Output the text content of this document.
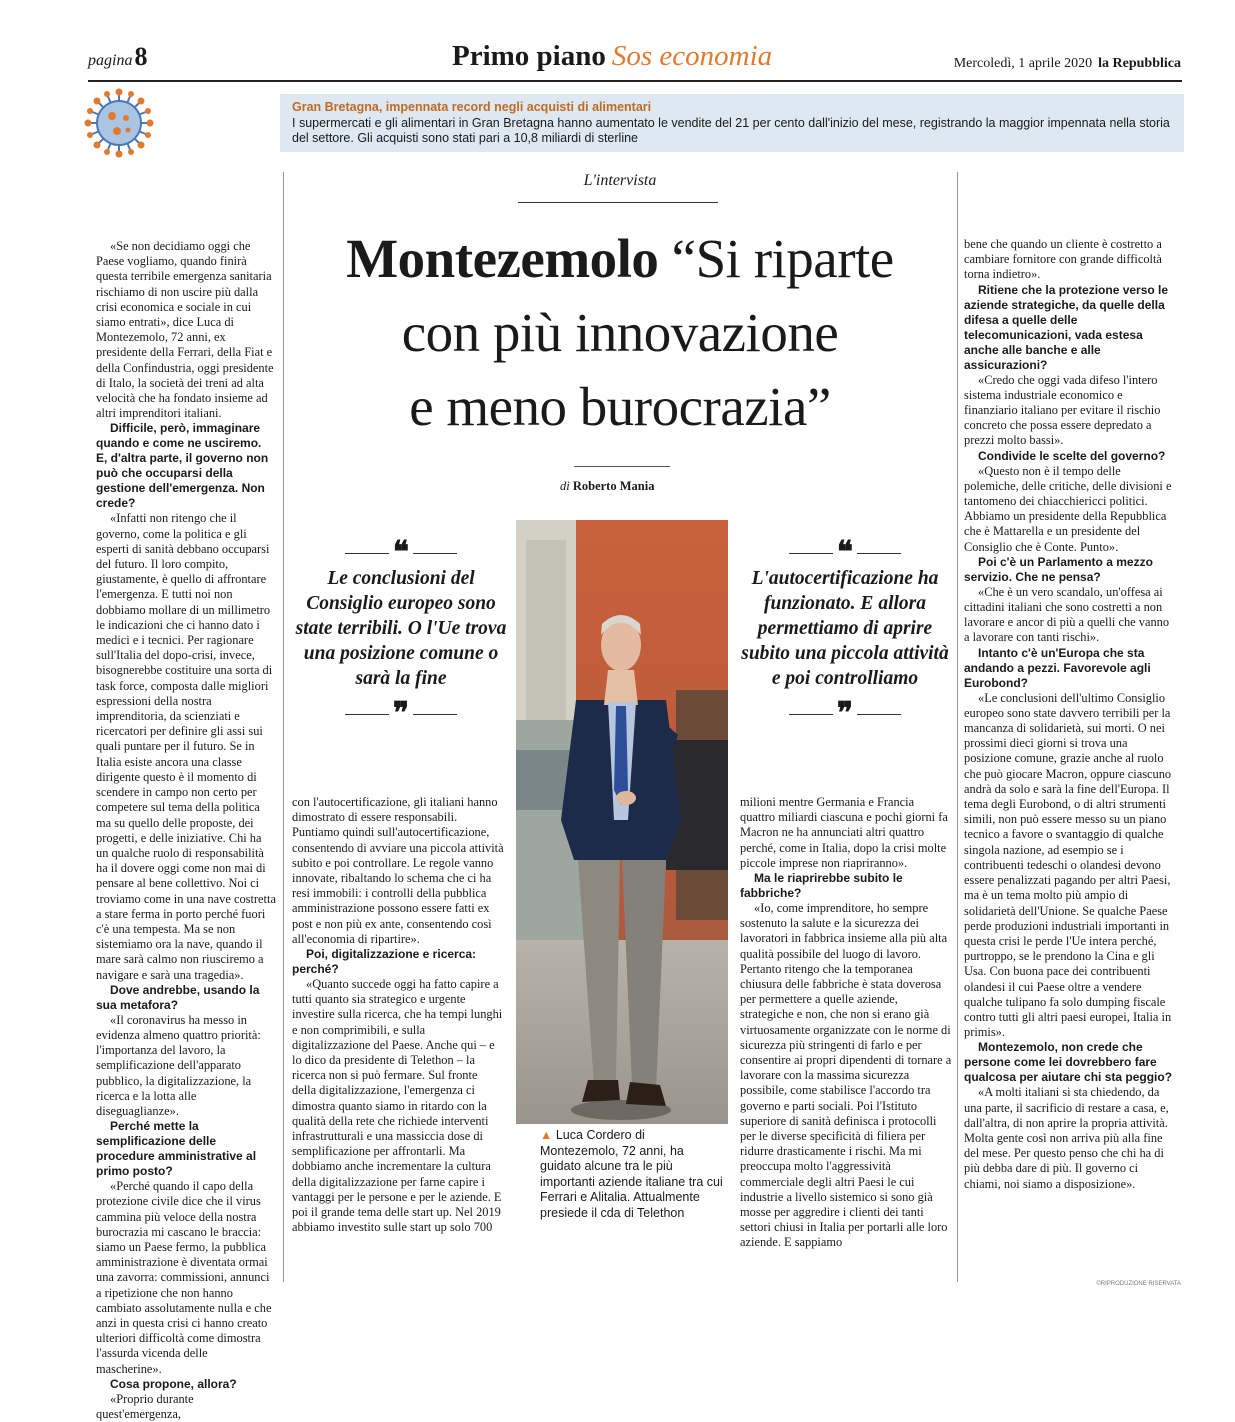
pagina8	Primo piano Sos economia	Mercoledì, 1 aprile 2020 la Repubblica
Gran Bretagna, impennata record negli acquisti di alimentari
I supermercati e gli alimentari in Gran Bretagna hanno aumentato le vendite del 21 per cento dall'inizio del mese, registrando la maggior impennata nella storia del settore. Gli acquisti sono stati pari a 10,8 miliardi di sterline
L'intervista
Montezemolo “Si riparte
con più innovazione
e meno burocrazia”
di Roberto Mania
❝
Le conclusioni del Consiglio europeo sono state terribili. O l'Ue trova una posizione comune o sarà la fine
❞
❝
L'autocertificazione ha funzionato. E allora permettiamo di aprire subito una piccola attività e poi controlliamo
❞
▲ Luca Cordero di Montezemolo, 72 anni, ha guidato alcune tra le più importanti aziende italiane tra cui Ferrari e Alitalia. Attualmente presiede il cda di Telethon

«Se non decidiamo oggi che Paese vogliamo, quando finirà questa terribile emergenza sanitaria rischiamo di non uscire più dalla crisi economica e sociale in cui siamo entrati», dice Luca di Montezemolo, 72 anni, ex presidente della Ferrari, della Fiat e della Confindustria, oggi presidente di Italo, la società dei treni ad alta velocità che ha fondato insieme ad altri imprenditori italiani.

Difficile, però, immaginare quando e come ne usciremo. E, d'altra parte, il governo non può che occuparsi della gestione dell'emergenza. Non crede?

«Infatti non ritengo che il governo, come la politica e gli esperti di sanità debbano occuparsi del futuro. Il loro compito, giustamente, è quello di affrontare l'emergenza. E tutti noi non dobbiamo mollare di un millimetro le indicazioni che ci hanno dato i medici e i tecnici. Per ragionare sull'Italia del dopo-crisi, invece, bisognerebbe costituire una sorta di task force, composta dalle migliori espressioni della nostra imprenditoria, da scienziati e ricercatori per definire gli assi sui quali puntare per il futuro. Se in Italia esiste ancora una classe dirigente questo è il momento di scendere in campo non certo per competere sul tema della politica ma su quello delle proposte, dei progetti, e delle iniziative. Chi ha un qualche ruolo di responsabilità ha il dovere oggi come non mai di pensare al bene collettivo. Noi ci troviamo come in una nave costretta a stare ferma in porto perché fuori c'è una tempesta. Ma se non sistemiamo ora la nave, quando il mare sarà calmo non riusciremo a navigare e sarà una tragedia».

Dove andrebbe, usando la sua metafora?

«Il coronavirus ha messo in evidenza almeno quattro priorità: l'importanza del lavoro, la semplificazione dell'apparato pubblico, la digitalizzazione, la ricerca e la lotta alle diseguaglianze».

Perché mette la semplificazione delle procedure amministrative al primo posto?

«Perché quando il capo della protezione civile dice che il virus cammina più veloce della nostra burocrazia mi cascano le braccia: siamo un Paese fermo, la pubblica amministrazione è diventata ormai una zavorra: commissioni, annunci a ripetizione che non hanno cambiato assolutamente nulla e che anzi in questa crisi ci hanno creato ulteriori difficoltà come dimostra l'assurda vicenda delle mascherine».

Cosa propone, allora?

«Proprio durante quest'emergenza,

con l'autocertificazione, gli italiani hanno dimostrato di essere responsabili. Puntiamo quindi sull'autocertificazione, consentendo di avviare una piccola attività subito e poi controllare. Le regole vanno innovate, ribaltando lo schema che ci ha resi immobili: i controlli della pubblica amministrazione possono essere fatti ex post e non più ex ante, consentendo così all'economia di ripartire».

Poi, digitalizzazione e ricerca: perché?

«Quanto succede oggi ha fatto capire a tutti quanto sia strategico e urgente investire sulla ricerca, che ha tempi lunghi e non comprimibili, e sulla digitalizzazione del Paese. Anche qui – e lo dico da presidente di Telethon – la ricerca non si può fermare. Sul fronte della digitalizzazione, l'emergenza ci dimostra quanto siamo in ritardo con la qualità della rete che richiede interventi infrastrutturali e una massiccia dose di semplificazione per affrontarli. Ma dobbiamo anche incrementare la cultura della digitalizzazione per farne capire i vantaggi per le persone e per le aziende. E poi il grande tema delle start up. Nel 2019 abbiamo investito sulle start up solo 700

milioni mentre Germania e Francia quattro miliardi ciascuna e pochi giorni fa Macron ne ha annunciati altri quattro perché, come in Italia, dopo la crisi molte piccole imprese non riapriranno».

Ma le riaprirebbe subito le fabbriche?

«Io, come imprenditore, ho sempre sostenuto la salute e la sicurezza dei lavoratori in fabbrica insieme alla più alta qualità possibile del luogo di lavoro. Pertanto ritengo che la temporanea chiusura delle fabbriche è stata doverosa per permettere a quelle aziende, strategiche e non, che non si erano già virtuosamente organizzate con le norme di sicurezza più stringenti di farlo e per consentire ai propri dipendenti di tornare a lavorare con la massima sicurezza possibile, come stabilisce l'accordo tra governo e parti sociali. Poi l'Istituto superiore di sanità definisca i protocolli per le diverse specificità di filiera per ridurre drasticamente i rischi. Ma mi preoccupa molto l'aggressività commerciale degli altri Paesi le cui industrie a livello sistemico si sono già mosse per aggredire i clienti dei tanti settori chiusi in Italia per portarli alle loro aziende. E sappiamo

bene che quando un cliente è costretto a cambiare fornitore con grande difficoltà torna indietro».

Ritiene che la protezione verso le aziende strategiche, da quelle della difesa a quelle delle telecomunicazioni, vada estesa anche alle banche e alle assicurazioni?

«Credo che oggi vada difeso l'intero sistema industriale economico e finanziario italiano per evitare il rischio concreto che possa essere depredato a prezzi molto bassi».

Condivide le scelte del governo?

«Questo non è il tempo delle polemiche, delle critiche, delle divisioni e tantomeno dei chiacchiericci politici. Abbiamo un presidente della Repubblica che è Mattarella e un presidente del Consiglio che è Conte. Punto».

Poi c'è un Parlamento a mezzo servizio. Che ne pensa?

«Che è un vero scandalo, un'offesa ai cittadini italiani che sono costretti a non lavorare e ancor di più a quelli che vanno a lavorare con tanti rischi».

Intanto c'è un'Europa che sta andando a pezzi. Favorevole agli Eurobond?

«Le conclusioni dell'ultimo Consiglio europeo sono state davvero terribili per la mancanza di solidarietà, sui morti. O nei prossimi dieci giorni si trova una posizione comune, grazie anche al ruolo che può giocare Macron, oppure ciascuno andrà da solo e sarà la fine dell'Europa. Il tema degli Eurobond, o di altri strumenti simili, non può essere messo su un piano tecnico a favore o svantaggio di qualche singola nazione, ad esempio se i contribuenti tedeschi o olandesi devono essere penalizzati pagando per altri Paesi, ma è un tema molto più ampio di solidarietà dell'Unione. Se qualche Paese perde produzioni industriali importanti in questa crisi le perde l'Ue intera perché, purtroppo, se le prendono la Cina e gli Usa. Con buona pace dei contribuenti olandesi il cui Paese oltre a vendere qualche tulipano fa solo dumping fiscale contro tutti gli altri paesi europei, Italia in primis».

Montezemolo, non crede che persone come lei dovrebbero fare qualcosa per aiutare chi sta peggio?

«A molti italiani si sta chiedendo, da una parte, il sacrificio di restare a casa, e, dall'altra, di non aprire la propria attività. Molta gente così non arriva più alla fine del mese. Per questo penso che chi ha di più debba dare di più. Il governo ci chiami, noi siamo a disposizione».

©RIPRODUZIONE RISERVATA
